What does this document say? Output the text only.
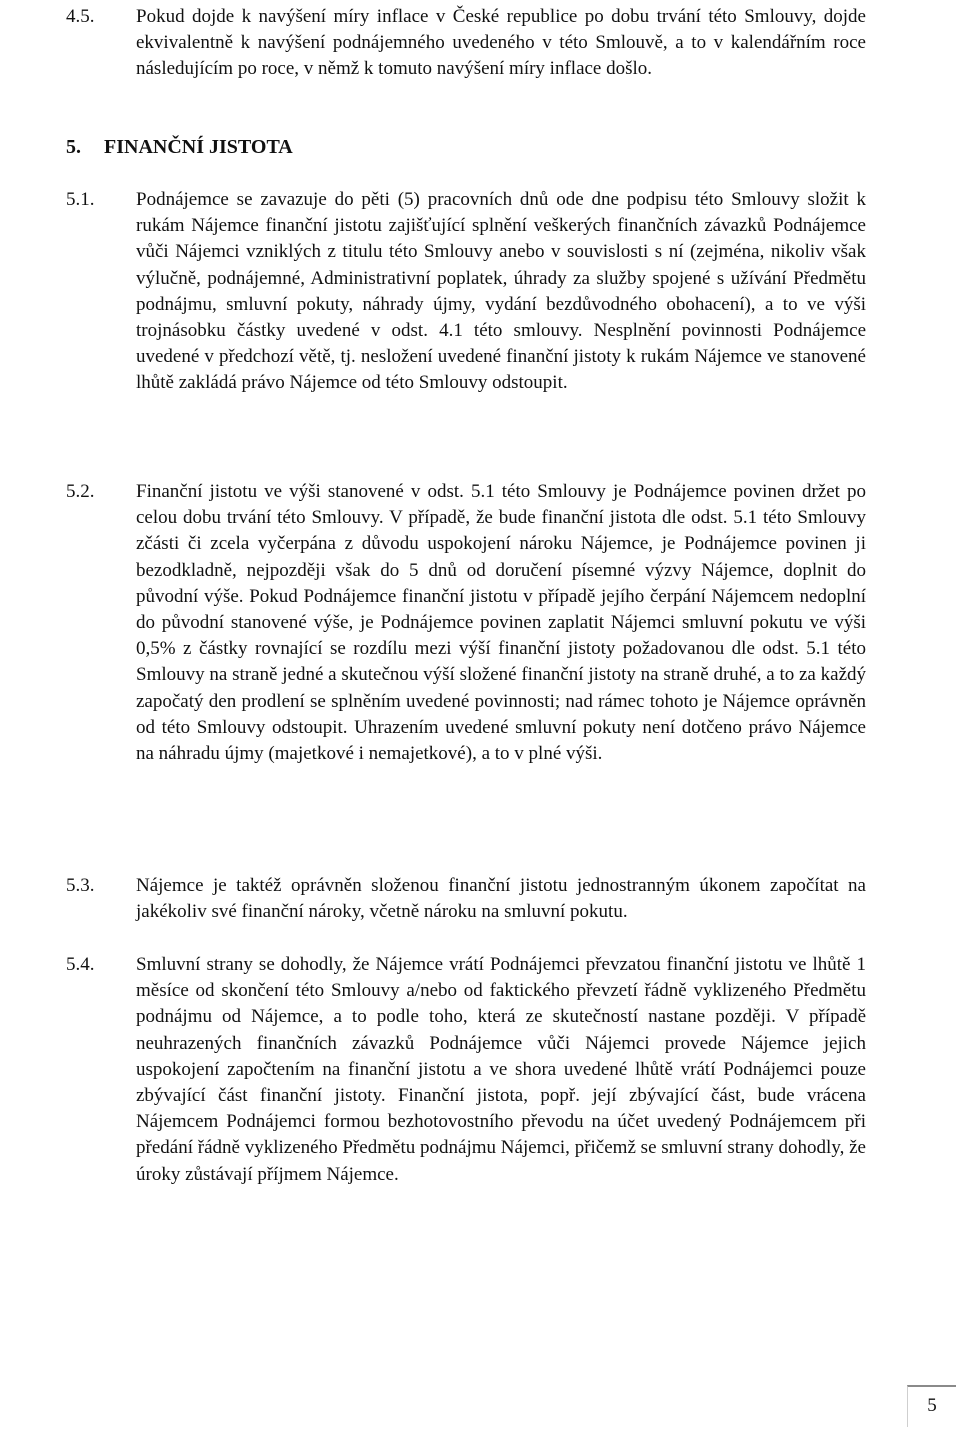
4.5. Pokud dojde k navýšení míry inflace v České republice po dobu trvání této Smlouvy, dojde ekvivalentně k navýšení podnájemného uvedeného v této Smlouvě, a to v kalendářním roce následujícím po roce, v němž k tomuto navýšení míry inflace došlo.

5. FINANČNÍ JISTOTA
5.1. Podnájemce se zavazuje do pěti (5) pracovních dnů ode dne podpisu této Smlouvy složit k rukám Nájemce finanční jistotu zajišťující splnění veškerých finančních závazků Podnájemce vůči Nájemci vzniklých z titulu této Smlouvy anebo v souvislosti s ní (zejména, nikoliv však výlučně, podnájemné, Administrativní poplatek, úhrady za služby spojené s užívání Předmětu podnájmu, smluvní pokuty, náhrady újmy, vydání bezdůvodného obohacení), a to ve výši trojnásobku částky uvedené v odst. 4.1 této smlouvy. Nesplnění povinnosti Podnájemce uvedené v předchozí větě, tj. nesložení uvedené finanční jistoty k rukám Nájemce ve stanovené lhůtě zakládá právo Nájemce od této Smlouvy odstoupit.

5.2. Finanční jistotu ve výši stanovené v odst. 5.1 této Smlouvy je Podnájemce povinen držet po celou dobu trvání této Smlouvy. V případě, že bude finanční jistota dle odst. 5.1 této Smlouvy zčásti či zcela vyčerpána z důvodu uspokojení nároku Nájemce, je Podnájemce povinen ji bezodkladně, nejpozději však do 5 dnů od doručení písemné výzvy Nájemce, doplnit do původní výše. Pokud Podnájemce finanční jistotu v případě jejího čerpání Nájemcem nedoplní do původní stanovené výše, je Podnájemce povinen zaplatit Nájemci smluvní pokutu ve výši 0,5% z částky rovnající se rozdílu mezi výší finanční jistoty požadovanou dle odst. 5.1 této Smlouvy na straně jedné a skutečnou výší složené finanční jistoty na straně druhé, a to za každý započatý den prodlení se splněním uvedené povinnosti; nad rámec tohoto je Nájemce oprávněn od této Smlouvy odstoupit. Uhrazením uvedené smluvní pokuty není dotčeno právo Nájemce na náhradu újmy (majetkové i nemajetkové), a to v plné výši.

5.3. Nájemce je taktéž oprávněn složenou finanční jistotu jednostranným úkonem započítat na jakékoliv své finanční nároky, včetně nároku na smluvní pokutu.

5.4. Smluvní strany se dohodly, že Nájemce vrátí Podnájemci převzatou finanční jistotu ve lhůtě 1 měsíce od skončení této Smlouvy a/nebo od faktického převzetí řádně vyklizeného Předmětu podnájmu od Nájemce, a to podle toho, která ze skutečností nastane později. V případě neuhrazených finančních závazků Podnájemce vůči Nájemci provede Nájemce jejich uspokojení započtením na finanční jistotu a ve shora uvedené lhůtě vrátí Podnájemci pouze zbývající část finanční jistoty. Finanční jistota, popř. její zbývající část, bude vrácena Nájemcem Podnájemci formou bezhotovostního převodu na účet uvedený Podnájemcem při předání řádně vyklizeného Předmětu podnájmu Nájemci, přičemž se smluvní strany dohodly, že úroky zůstávají příjmem Nájemce.

5
